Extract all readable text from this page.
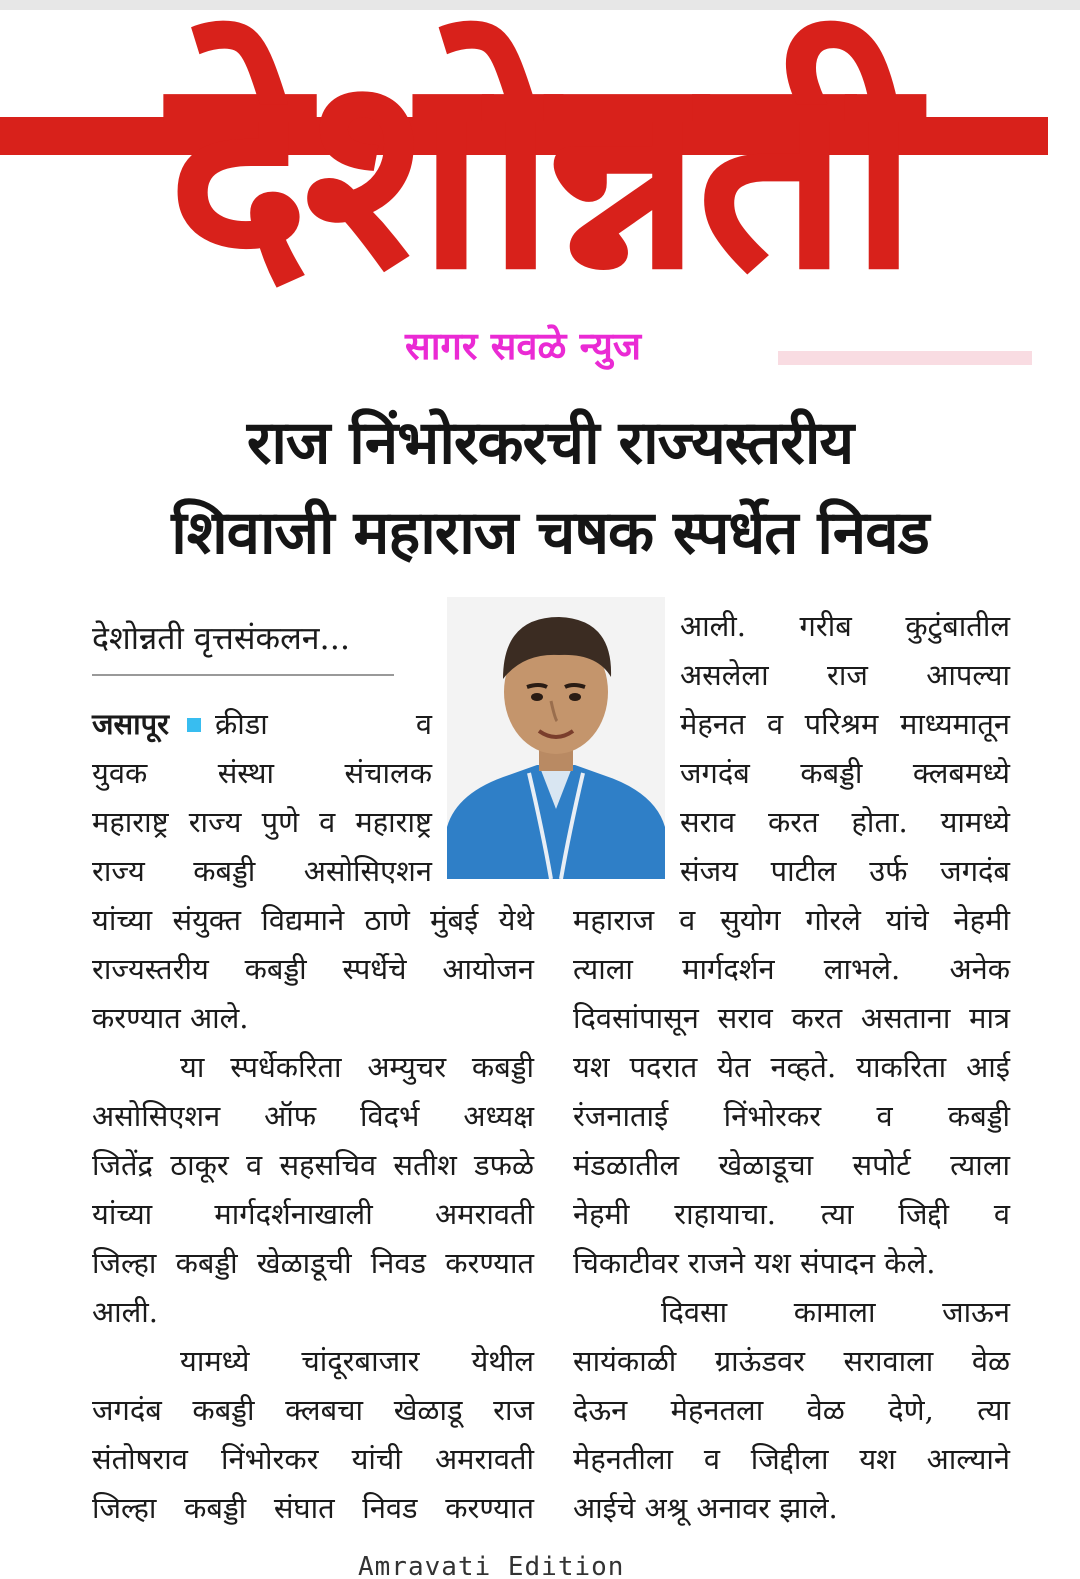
देशोन्नती
सागर सवळे न्युज
राज निंभोरकरची राज्यस्तरीय
शिवाजी महाराज चषक स्पर्धेत निवड
देशोन्नती वृत्तसंकलन...

जसापूर क्रीडा व

युवक संस्था संचालक

महाराष्ट्र राज्य पुणे व महाराष्ट्र

राज्य कबड्डी असोसिएशन

यांच्या संयुक्त विद्यमाने ठाणे मुंबई येथे

राज्यस्तरीय कबड्डी स्पर्धेचे आयोजन

करण्यात आले.

या स्पर्धेकरिता अम्युचर कबड्डी

असोसिएशन ऑफ विदर्भ अध्यक्ष

जितेंद्र ठाकूर व सहसचिव सतीश डफळे

यांच्या मार्गदर्शनाखाली अमरावती

जिल्हा कबड्डी खेळाडूची निवड करण्यात

आली.

यामध्ये चांदूरबाजार येथील

जगदंब कबड्डी क्लबचा खेळाडू राज

संतोषराव निंभोरकर यांची अमरावती

जिल्हा कबड्डी संघात निवड करण्यात

आली. गरीब कुटुंबातील

असलेला राज आपल्या

मेहनत व परिश्रम माध्यमातून

जगदंब कबड्डी क्लबमध्ये

सराव करत होता. यामध्ये

संजय पाटील उर्फ जगदंब

महाराज व सुयोग गोरले यांचे नेहमी

त्याला मार्गदर्शन लाभले. अनेक

दिवसांपासून सराव करत असताना मात्र

यश पदरात येत नव्हते. याकरिता आई

रंजनाताई निंभोरकर व कबड्डी

मंडळातील खेळाडूचा सपोर्ट त्याला

नेहमी राहायाचा. त्या जिद्दी व

चिकाटीवर राजने यश संपादन केले.

दिवसा कामाला जाऊन

सायंकाळी ग्राऊंडवर सरावाला वेळ

देऊन मेहनतला वेळ देणे, त्या

मेहनतीला व जिद्दीला यश आल्याने

आईचे अश्रू अनावर झाले.

Amravati Edition
